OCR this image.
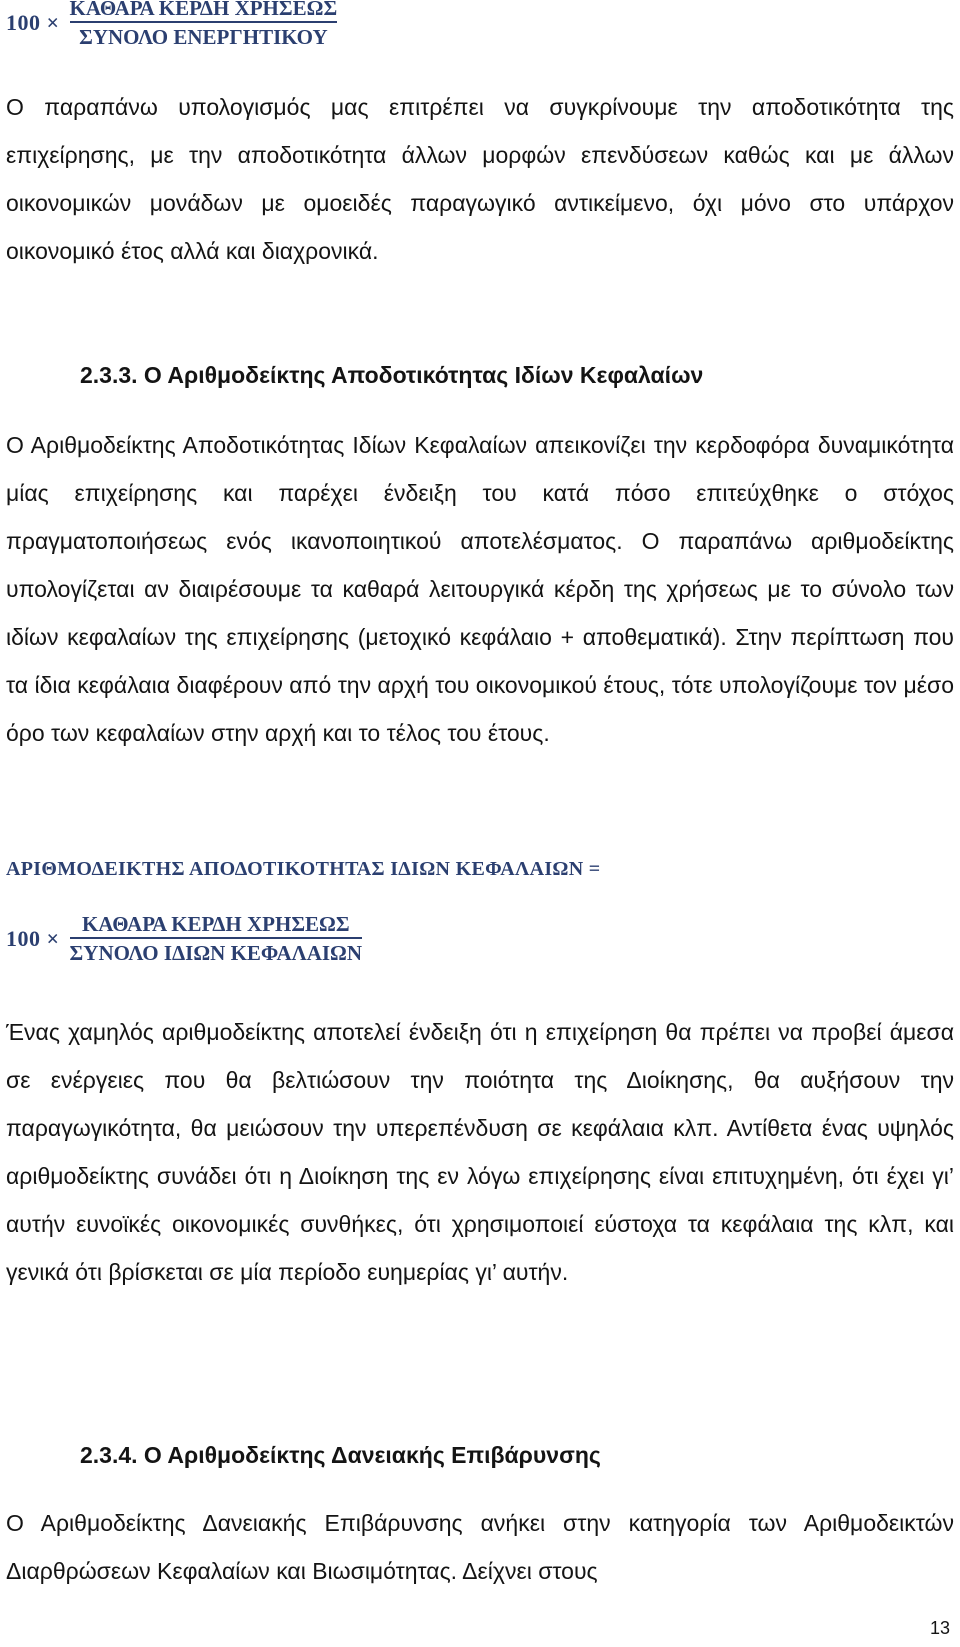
$100 \times \frac{\text{ΚΑΘΑΡΑ ΚΕΡΔΗ ΧΡΗΣΕΩΣ}}{\text{ΣΥΝΟΛΟ ΕΝΕΡΓΗΤΙΚΟΥ}}$

Ο παραπάνω υπολογισμός μας επιτρέπει να συγκρίνουμε την αποδοτικότητα της επιχείρησης, με την αποδοτικότητα άλλων μορφών επενδύσεων καθώς και με άλλων οικονομικών μονάδων με ομοειδές παραγωγικό αντικείμενο, όχι μόνο στο υπάρχον οικονομικό έτος αλλά και διαχρονικά.

2.3.3. Ο Αριθμοδείκτης Αποδοτικότητας Ιδίων Κεφαλαίων

Ο Αριθμοδείκτης Αποδοτικότητας Ιδίων Κεφαλαίων απεικονίζει την κερδοφόρα δυναμικότητα μίας επιχείρησης και παρέχει ένδειξη του κατά πόσο επιτεύχθηκε ο στόχος πραγματοποιήσεως ενός ικανοποιητικού αποτελέσματος. Ο παραπάνω αριθμοδείκτης υπολογίζεται αν διαιρέσουμε τα καθαρά λειτουργικά κέρδη της χρήσεως με το σύνολο των ιδίων κεφαλαίων της επιχείρησης (μετοχικό κεφάλαιο + αποθεματικά). Στην περίπτωση που τα ίδια κεφάλαια διαφέρουν από την αρχή του οικονομικού έτους, τότε υπολογίζουμε τον μέσο όρο των κεφαλαίων στην αρχή και το τέλος του έτους.

ΑΡΙΘΜΟΔΕΙΚΤΗΣ ΑΠΟΔΟΤΙΚΟΤΗΤΑΣ ΙΔΙΩΝ ΚΕΦΑΛΑΙΩΝ =
$100 \times \frac{\text{ΚΑΘΑΡΑ ΚΕΡΔΗ ΧΡΗΣΕΩΣ}}{\text{ΣΥΝΟΛΟ ΙΔΙΩΝ ΚΕΦΑΛΑΙΩΝ}}$

Ένας χαμηλός αριθμοδείκτης αποτελεί ένδειξη ότι η επιχείρηση θα πρέπει να προβεί άμεσα σε ενέργειες που θα βελτιώσουν την ποιότητα της Διοίκησης, θα αυξήσουν την παραγωγικότητα, θα μειώσουν την υπερεπένδυση σε κεφάλαια κλπ. Αντίθετα ένας υψηλός αριθμοδείκτης συνάδει ότι η Διοίκηση της εν λόγω επιχείρησης είναι επιτυχημένη, ότι έχει γι’ αυτήν ευνοϊκές οικονομικές συνθήκες, ότι χρησιμοποιεί εύστοχα τα κεφάλαια της κλπ, και γενικά ότι βρίσκεται σε μία περίοδο ευημερίας γι’ αυτήν.

2.3.4. Ο Αριθμοδείκτης Δανειακής Επιβάρυνσης

Ο Αριθμοδείκτης Δανειακής Επιβάρυνσης ανήκει στην κατηγορία των Αριθμοδεικτών Διαρθρώσεων Κεφαλαίων και Βιωσιμότητας. Δείχνει στους

13
